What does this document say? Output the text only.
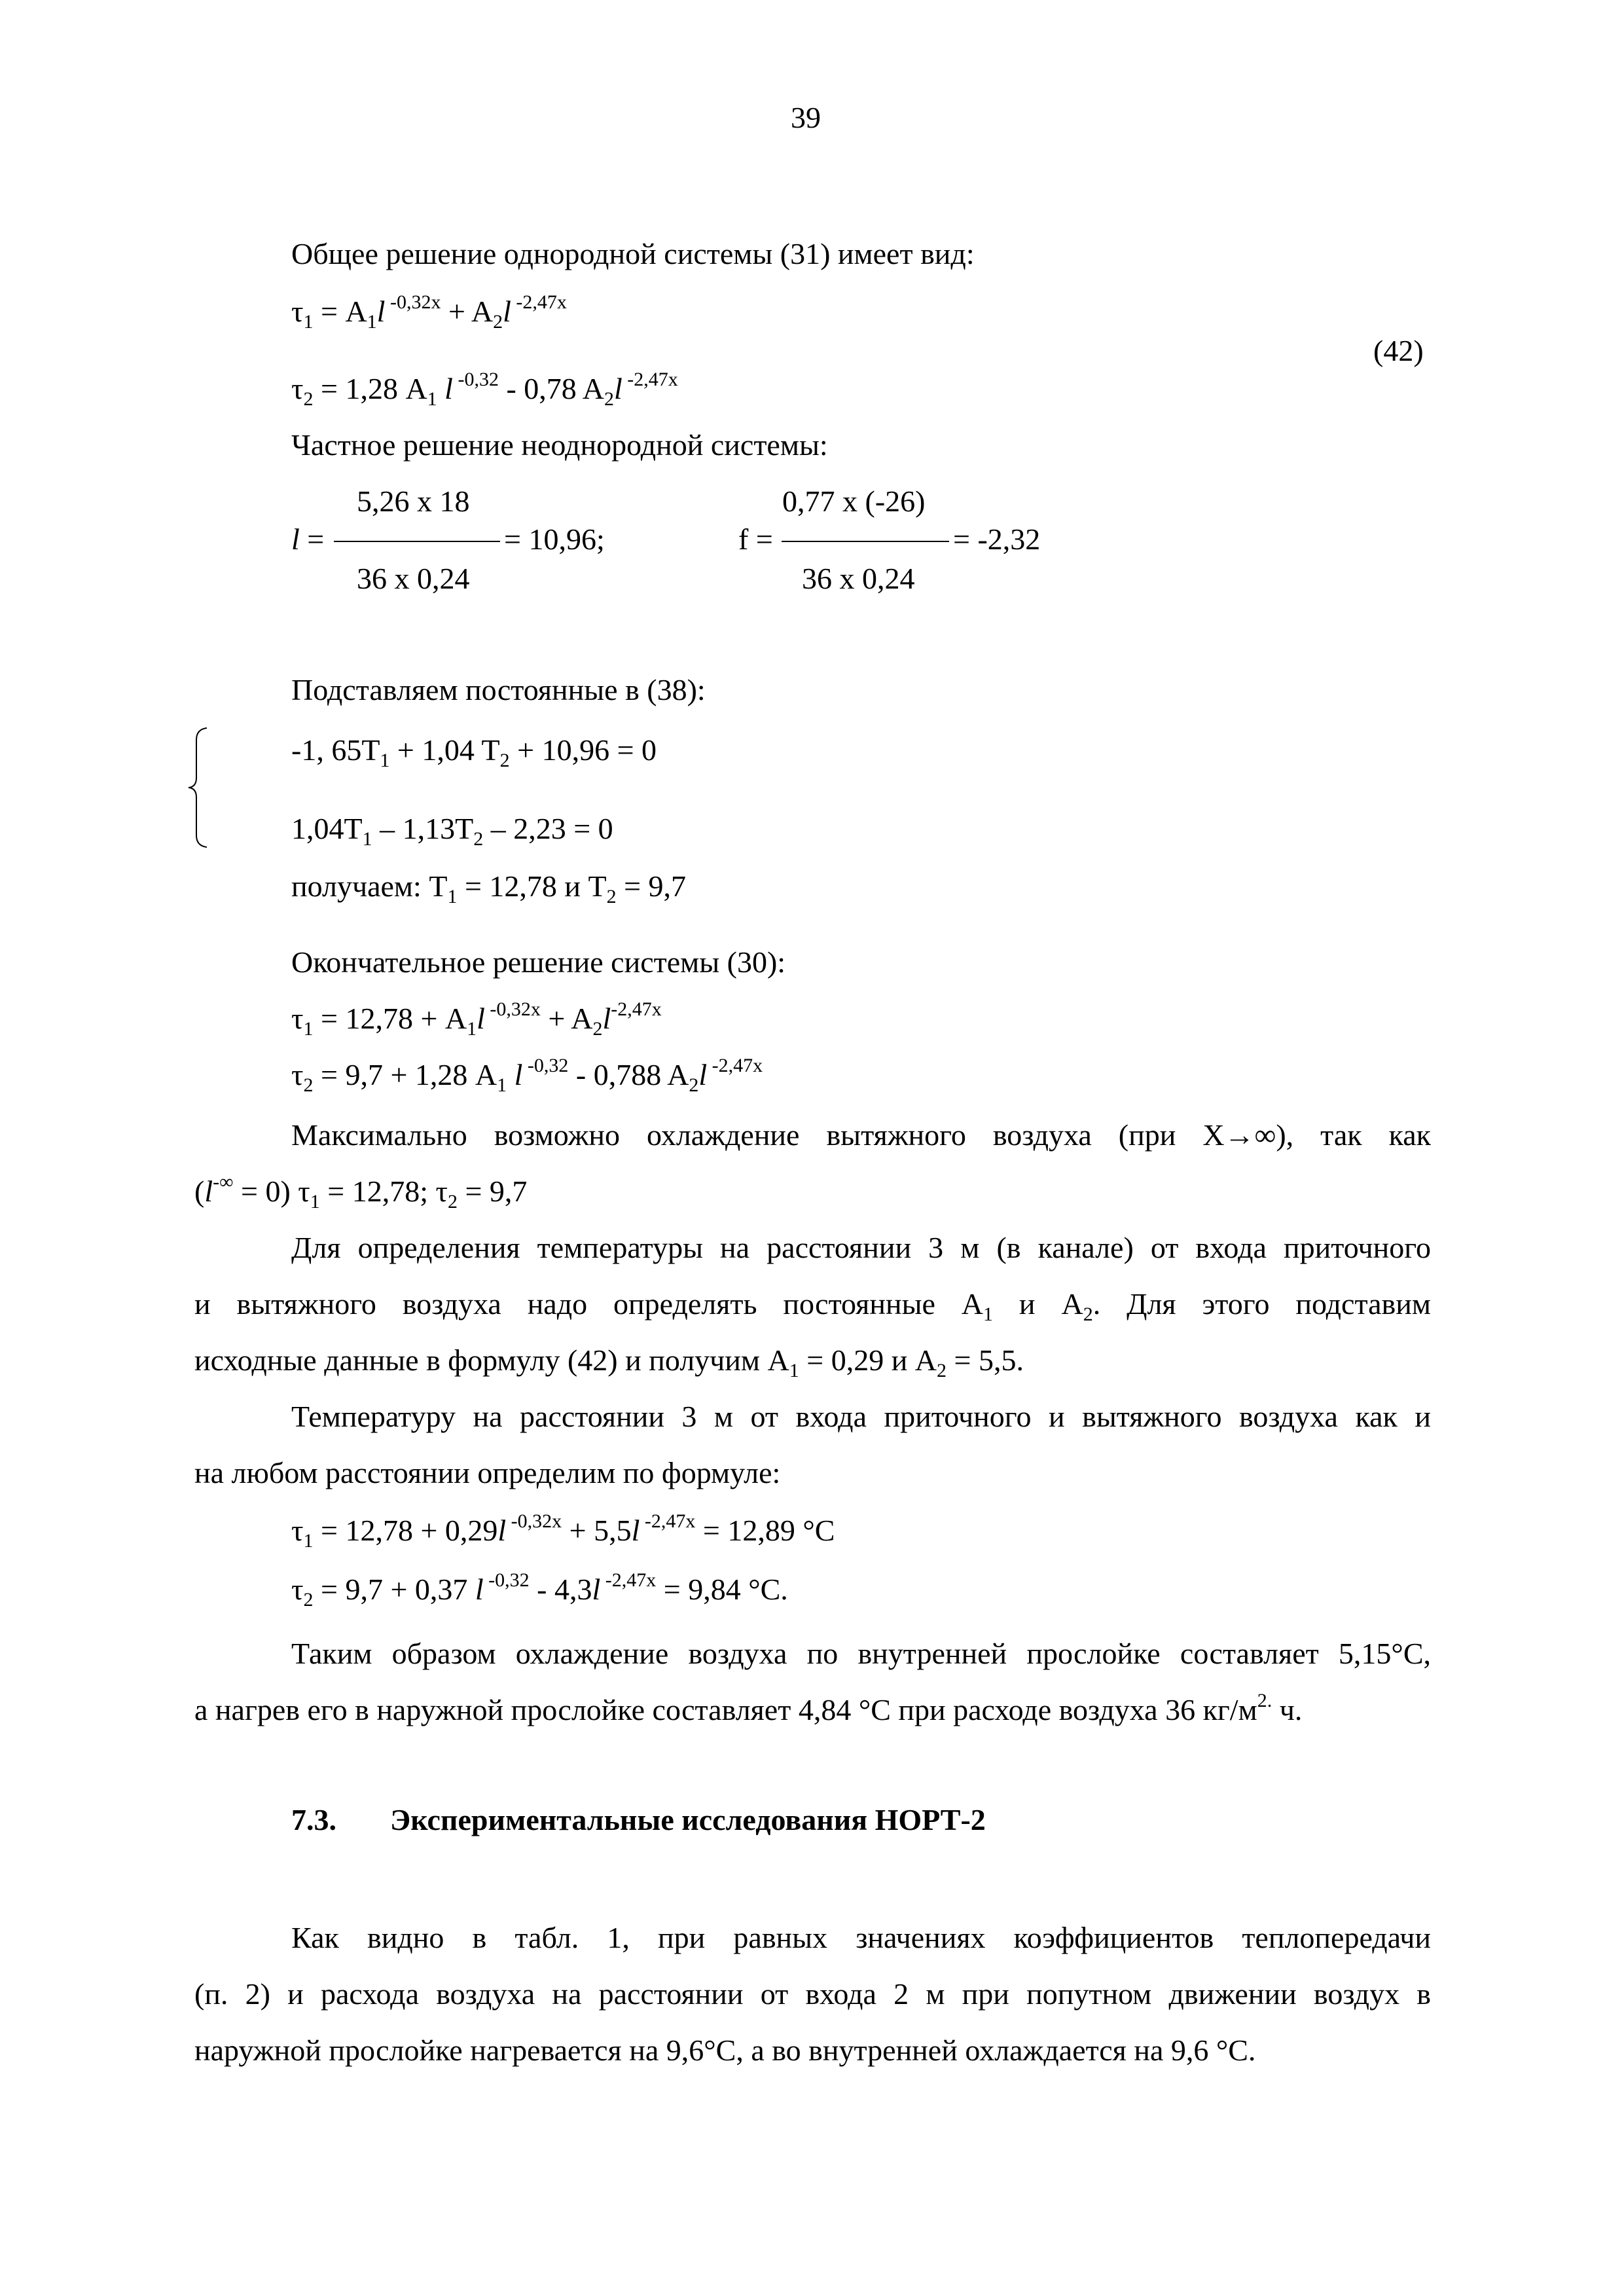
39
Общее решение однородной системы (31) имеет вид:
$\tau_1 = A_1l$ $^{-0,32x} + A_2l$ $^{-2,47x}$
(42)
$\tau_2 = 1,28$ $A_1$ l $^{-0,32}$ - 0,78 $A_2l$ $^{-2,47x}$
Частное решение неоднородной системы:
l =
5,26 х 18
= 10,96;
36 х 0,24
f =
0,77 х (-26)
= -2,32
36 х 0,24
Подставляем постоянные в (38):
-1, $65T_1 + 1,04$ $T_2 + 10,96 = 0$
$1,04T_1 - 1,13T_2 - 2,23 = 0$
получаем: $T_1 = 12,78$ и $T_2 = 9,7$
Окончательное решение системы (30):
$\tau_1 = 12,78 + A_1l$ $^{-0,32x} + A_2l^{-2,47x}$
$\tau_2 = 9,7 + 1,28$ $A_1$ l $^{-0,32}$ - 0,788 $A_2l$ $^{-2,47x}$
Максимально возможно охлаждение вытяжного воздуха (при X→∞), так как
(l-∞ = 0) $\tau_1 = 12,78$; $\tau_2 = 9,7$
Для определения температуры на расстоянии 3 м (в канале) от входа приточного
и вытяжного воздуха надо определять постоянные $A_1$ и $A_2$. Для этого подставим
исходные данные в формулу (42) и получим $A_1 = 0,29$ и $A_2 = 5,5$.
Температуру на расстоянии 3 м от входа приточного и вытяжного воздуха как и
на любом расстоянии определим по формуле:
$\tau_1 = 12,78 + 0,29l$ $^{-0,32x}$ + 5,5l $^{-2,47x}$ = 12,89 °C
$\tau_2 = 9,7 + 0,37$ l $^{-0,32}$ - 4,3l $^{-2,47x}$ = 9,84 °C.
Таким образом охлаждение воздуха по внутренней прослойке составляет 5,15°C,
а нагрев его в наружной прослойке составляет 4,84 °C при расходе воздуха 36 $кг/м^{2.}$ ч.
7.3. Экспериментальные исследования НОРТ-2
Как видно в табл. 1, при равных значениях коэффициентов теплопередачи
(п. 2) и расхода воздуха на расстоянии от входа 2 м при попутном движении воздух в
наружной прослойке нагревается на 9,6°C, а во внутренней охлаждается на 9,6 °C.
